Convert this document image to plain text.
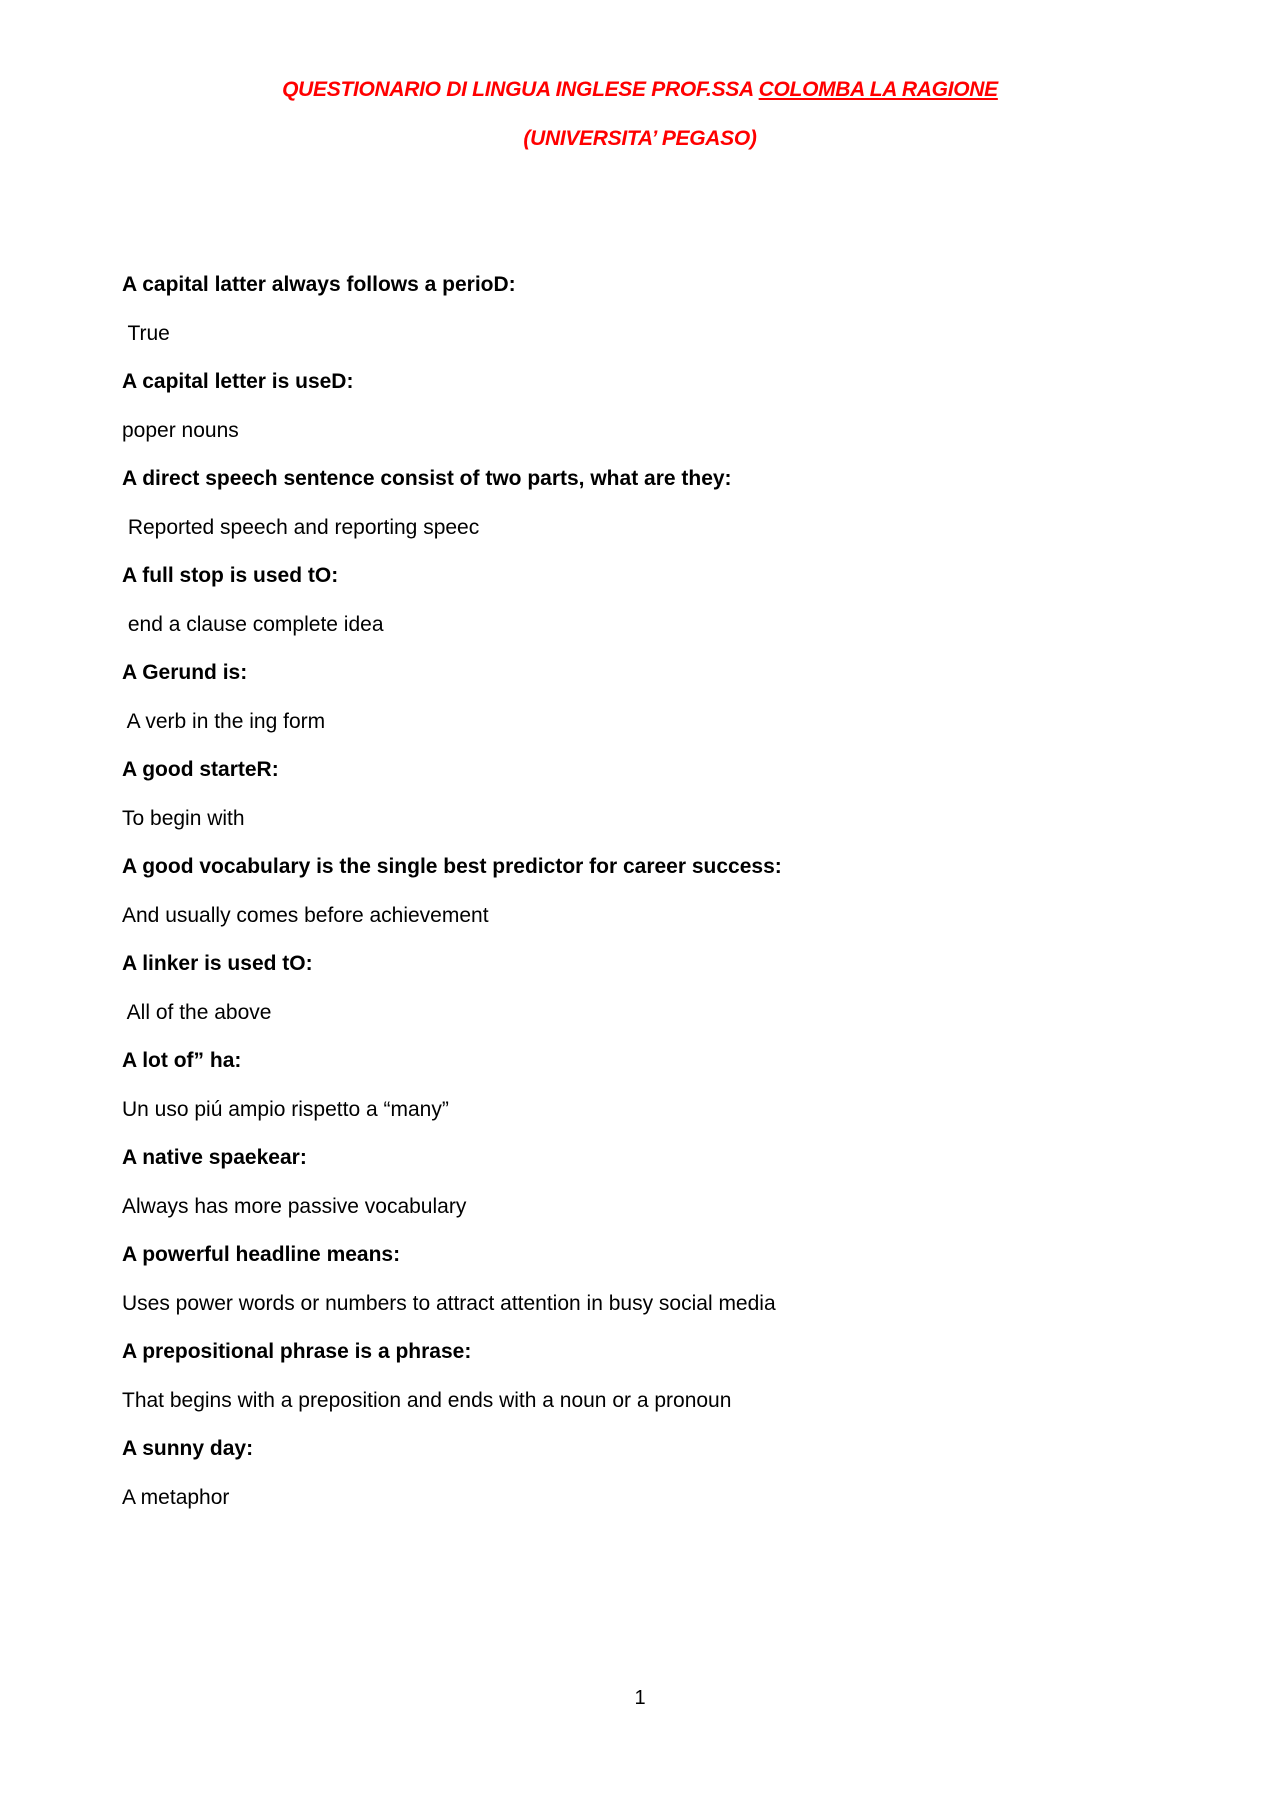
QUESTIONARIO DI LINGUA INGLESE PROF.SSA COLOMBA LA RAGIONE
(UNIVERSITA’ PEGASO)
A capital latter always follows a perioD:
True
A capital letter is useD:
poper nouns
A direct speech sentence consist of two parts, what are they:
Reported speech and reporting speec
A full stop is used tO:
end a clause complete idea
A Gerund is:
A verb in the ing form
A good starteR:
To begin with
A good vocabulary is the single best predictor for career success:
And usually comes before achievement
A linker is used tO:
All of the above
A lot of” ha:
Un uso piú ampio rispetto a “many”
A native spaekear:
Always has more passive vocabulary
A powerful headline means:
Uses power words or numbers to attract attention in busy social media
A prepositional phrase is a phrase:
That begins with a preposition and ends with a noun or a pronoun
A sunny day:
A metaphor
1
